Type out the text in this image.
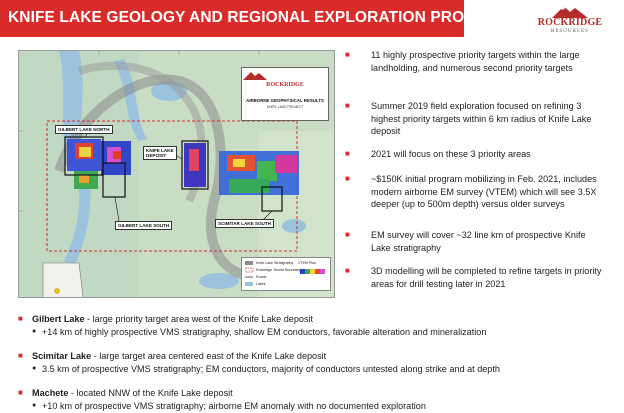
KNIFE LAKE GEOLOGY AND REGIONAL EXPLORATION PROGRAMS	ROCKRIDGE
RESOURCES
GILBERT LAKE NORTH
KNIFE LAKE DEPOSIT
GILBERT LAKE SOUTH	SCIMITAR LAKE SOUTH
ROCKRIDGE
AIRBORNE GEOPHYSICAL RESULTS
KNIFE LAKE PROJECT
Knife Lake Stratigraphy
Rockridge Tenure Boundary
Roads
Lakes
VTEM Plan
■ 11 highly prospective priority targets within the large landholding, and numerous second priority targets
■ Summer 2019 field exploration focused on refining 3 highest priority targets within 6 km radius of Knife Lake deposit
■ 2021 will focus on these 3 priority areas
■ ~$150K initial program mobilizing in Feb. 2021, includes modern airborne EM survey (VTEM) which will see 3.5X deeper (up to 500m depth) versus older surveys
■ EM survey will cover ~32 line km of prospective Knife Lake stratigraphy
■ 3D modelling will be completed to refine targets in priority areas for drill testing later in 2021
■ Gilbert Lake - large priority target area west of the Knife Lake deposit
● +14 km of highly prospective VMS stratigraphy, shallow EM conductors, favorable alteration and mineralization
■ Scimitar Lake - large target area centered east of the Knife Lake deposit
● 3.5 km of prospective VMS stratigraphy; EM conductors, majority of conductors untested along strike and at depth
■ Machete - located NNW of the Knife Lake deposit
● +10 km of prospective VMS stratigraphy; airborne EM anomaly with no documented exploration
